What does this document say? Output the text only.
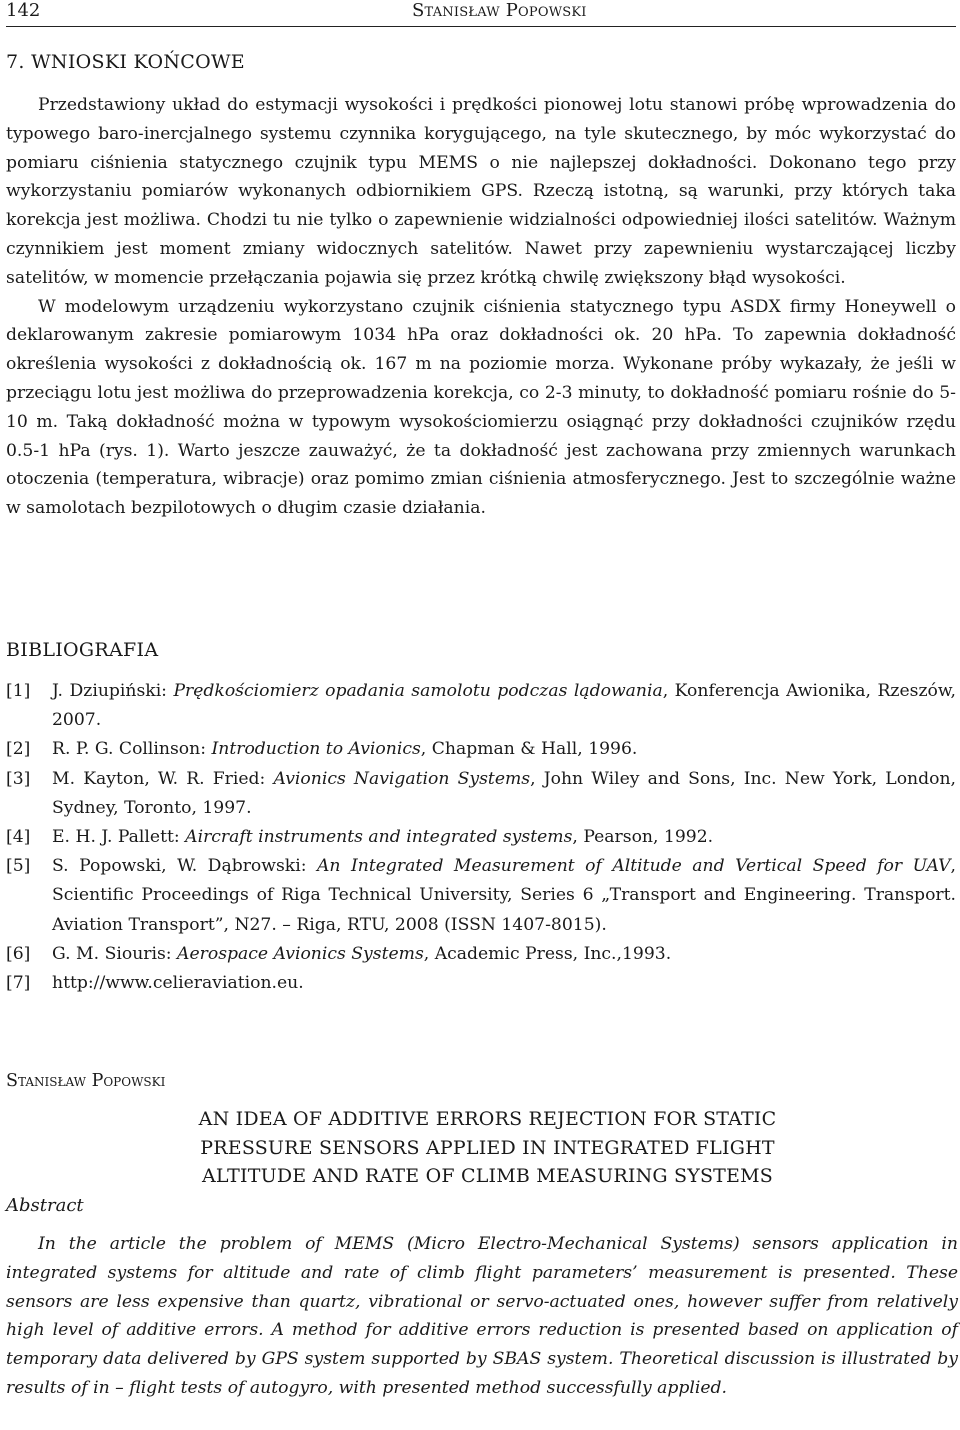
142	Stanisław Popowski
7. WNIOSKI KOŃCOWE

Przedstawiony układ do estymacji wysokości i prędkości pionowej lotu stanowi próbę wprowadzenia do typowego baro-inercjalnego systemu czynnika korygującego, na tyle skutecznego, by móc wykorzystać do pomiaru ciśnienia statycznego czujnik typu MEMS o nie najlepszej dokładności. Dokonano tego przy wykorzystaniu pomiarów wykonanych odbiornikiem GPS. Rzeczą istotną, są warunki, przy których taka korekcja jest możliwa. Chodzi tu nie tylko o zapewnienie widzialności odpowiedniej ilości satelitów. Ważnym czynnikiem jest moment zmiany widocznych satelitów. Nawet przy zapewnieniu wystarczającej liczby satelitów, w momencie przełączania pojawia się przez krótką chwilę zwiększony błąd wysokości.

W modelowym urządzeniu wykorzystano czujnik ciśnienia statycznego typu ASDX firmy Honeywell o deklarowanym zakresie pomiarowym 1034 hPa oraz dokładności ok. 20 hPa. To zapewnia dokładność określenia wysokości z dokładnością ok. 167 m na poziomie morza. Wykonane próby wykazały, że jeśli w przeciągu lotu jest możliwa do przeprowadzenia korekcja, co 2-3 minuty, to dokładność pomiaru rośnie do 5-10 m. Taką dokładność można w typowym wysokościomierzu osiągnąć przy dokładności czujników rzędu 0.5-1 hPa (rys. 1). Warto jeszcze zauważyć, że ta dokładność jest zachowana przy zmiennych warunkach otoczenia (temperatura, wibracje) oraz pomimo zmian ciśnienia atmosferycznego. Jest to szczególnie ważne w samolotach bezpilotowych o długim czasie działania.

BIBLIOGRAFIA
[1] J. Dziupiński: Prędkościomierz opadania samolotu podczas lądowania, Konferencja Awionika, Rzeszów, 2007.
[2] R. P. G. Collinson: Introduction to Avionics, Chapman & Hall, 1996.
[3] M. Kayton, W. R. Fried: Avionics Navigation Systems, John Wiley and Sons, Inc. New York, London, Sydney, Toronto, 1997.
[4] E. H. J. Pallett: Aircraft instruments and integrated systems, Pearson, 1992.
[5] S. Popowski, W. Dąbrowski: An Integrated Measurement of Altitude and Vertical Speed for UAV, Scientific Proceedings of Riga Technical University, Series 6 „Transport and Engineering. Transport. Aviation Transport”, N27. – Riga, RTU, 2008 (ISSN 1407-8015).
[6] G. M. Siouris: Aerospace Avionics Systems, Academic Press, Inc.,1993.
[7] http://www.celieraviation.eu.
Stanisław Popowski
AN IDEA OF ADDITIVE ERRORS REJECTION FOR STATIC
PRESSURE SENSORS APPLIED IN INTEGRATED FLIGHT
ALTITUDE AND RATE OF CLIMB MEASURING SYSTEMS
Abstract

In the article the problem of MEMS (Micro Electro-Mechanical Systems) sensors application in integrated systems for altitude and rate of climb flight parameters’ measurement is presented. These sensors are less expensive than quartz, vibrational or servo-actuated ones, however suffer from relatively high level of additive errors. A method for additive errors reduction is presented based on application of temporary data delivered by GPS system supported by SBAS system. Theoretical discussion is illustrated by results of in – flight tests of autogyro, with presented method successfully applied.
